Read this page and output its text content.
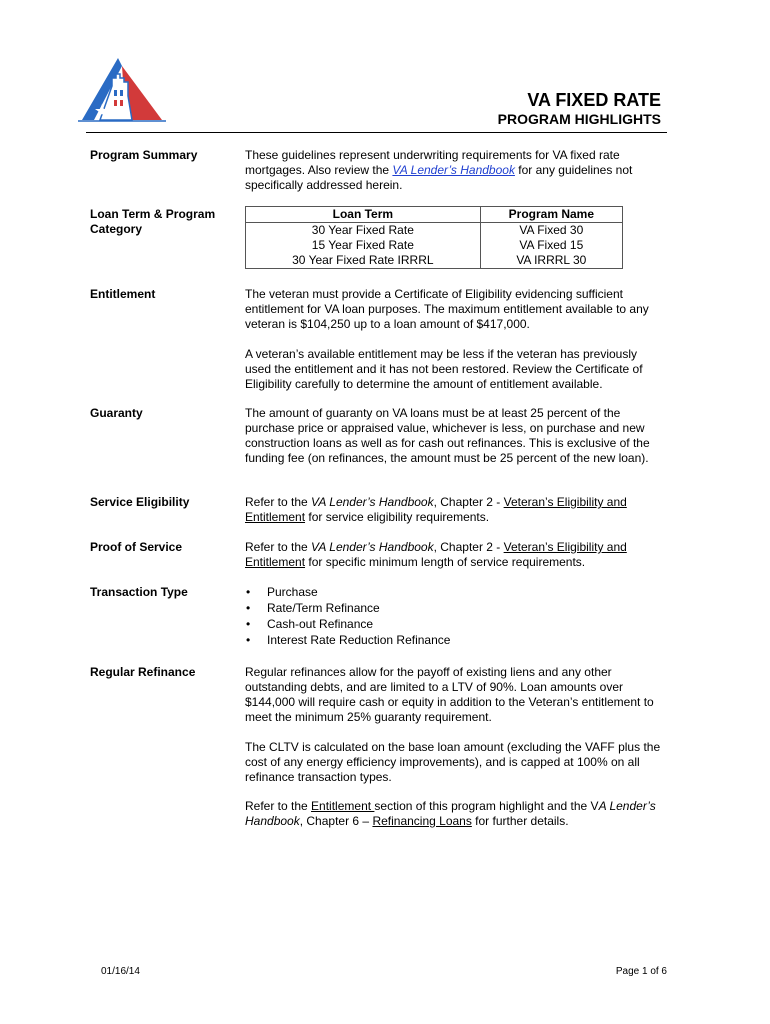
VA FIXED RATE
PROGRAM HIGHLIGHTS
Program Summary	These guidelines represent underwriting requirements for VA fixed rate mortgages. Also review the VA Lender’s Handbook for any guidelines not specifically addressed herein.

Loan Term & Program Category
Loan Term	Program Name
30 Year Fixed Rate	VA Fixed 30
15 Year Fixed Rate	VA Fixed 15
30 Year Fixed Rate IRRRL	VA IRRRL 30
Entitlement	The veteran must provide a Certificate of Eligibility evidencing sufficient entitlement for VA loan purposes. The maximum entitlement available to any veteran is $104,250 up to a loan amount of $417,000.
A veteran’s available entitlement may be less if the veteran has previously used the entitlement and it has not been restored. Review the Certificate of Eligibility carefully to determine the amount of entitlement available.
Guaranty	The amount of guaranty on VA loans must be at least 25 percent of the purchase price or appraised value, whichever is less, on purchase and new construction loans as well as for cash out refinances. This is exclusive of the funding fee (on refinances, the amount must be 25 percent of the new loan).
Service Eligibility	Refer to the VA Lender’s Handbook, Chapter 2 - Veteran’s Eligibility and Entitlement for service eligibility requirements.

Proof of Service	Refer to the VA Lender’s Handbook, Chapter 2 - Veteran’s Eligibility and Entitlement for specific minimum length of service requirements.

Transaction Type	• Purchase
• Rate/Term Refinance
• Cash-out Refinance
• Interest Rate Reduction Refinance
Regular Refinance	Regular refinances allow for the payoff of existing liens and any other outstanding debts, and are limited to a LTV of 90%. Loan amounts over $144,000 will require cash or equity in addition to the Veteran’s entitlement to meet the minimum 25% guaranty requirement.
The CLTV is calculated on the base loan amount (excluding the VAFF plus the cost of any energy efficiency improvements), and is capped at 100% on all refinance transaction types.

Refer to the Entitlement section of this program highlight and the VA Lender’s Handbook, Chapter 6 – Refinancing Loans for further details.

01/16/14	Page 1 of 6
